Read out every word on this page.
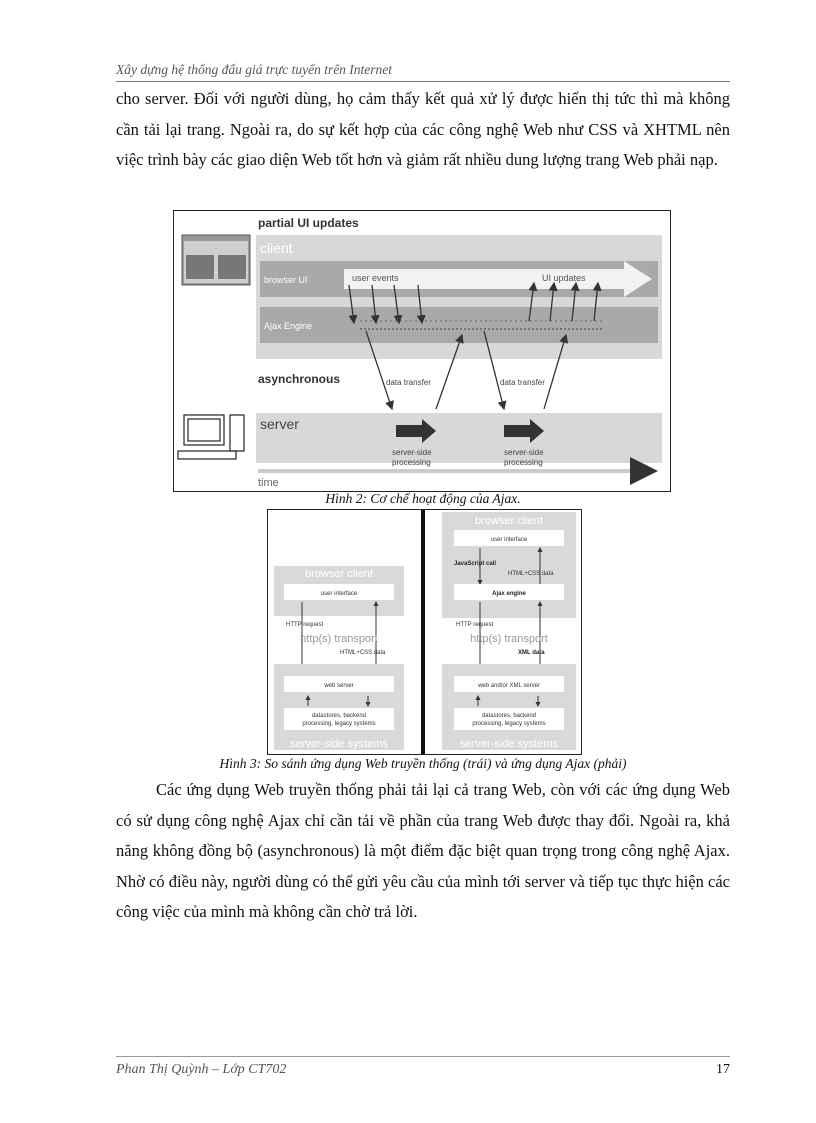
Xây dựng hệ thống đấu giá trực tuyến trên Internet

cho server. Đối với người dùng, họ cảm thấy kết quả xử lý được hiển thị tức thì mà không cần tải lại trang. Ngoài ra, do sự kết hợp của các công nghệ Web như CSS và XHTML nên việc trình bày các giao diện Web tốt hơn và giảm rất nhiều dung lượng trang Web phải nạp.

partial UI updates
client
browser UI	user events	UI updates
Ajax Engine
asynchronous	data transfer	data transfer
server
server-side
processing
server-side
processing
time
Hình 2: Cơ chế hoạt động của Ajax.
browser client
user interface
HTTP request
http(s) transport
HTML+CSS data
web server
datastores, backend
processing, legacy systems
server-side systems
browser client
user interface
JavaScript call
HTML+CSS data
Ajax engine
HTTP request
http(s) transport
XML data
web and/or XML server
datastores, backend
processing, legacy systems
server-side systems
Hình 3: So sánh ứng dụng Web truyền thống (trái) và ứng dụng Ajax (phải)

Các ứng dụng Web truyền thống phải tải lại cả trang Web, còn với các ứng dụng Web có sử dụng công nghệ Ajax chỉ cần tải về phần của trang Web được thay đổi. Ngoài ra, khả năng không đồng bộ (asynchronous) là một điểm đặc biệt quan trọng trong công nghệ Ajax. Nhờ có điều này, người dùng có thể gửi yêu cầu của mình tới server và tiếp tục thực hiện các công việc của mình mà không cần chờ trả lời.

Phan Thị Quỳnh – Lớp CT702	17
